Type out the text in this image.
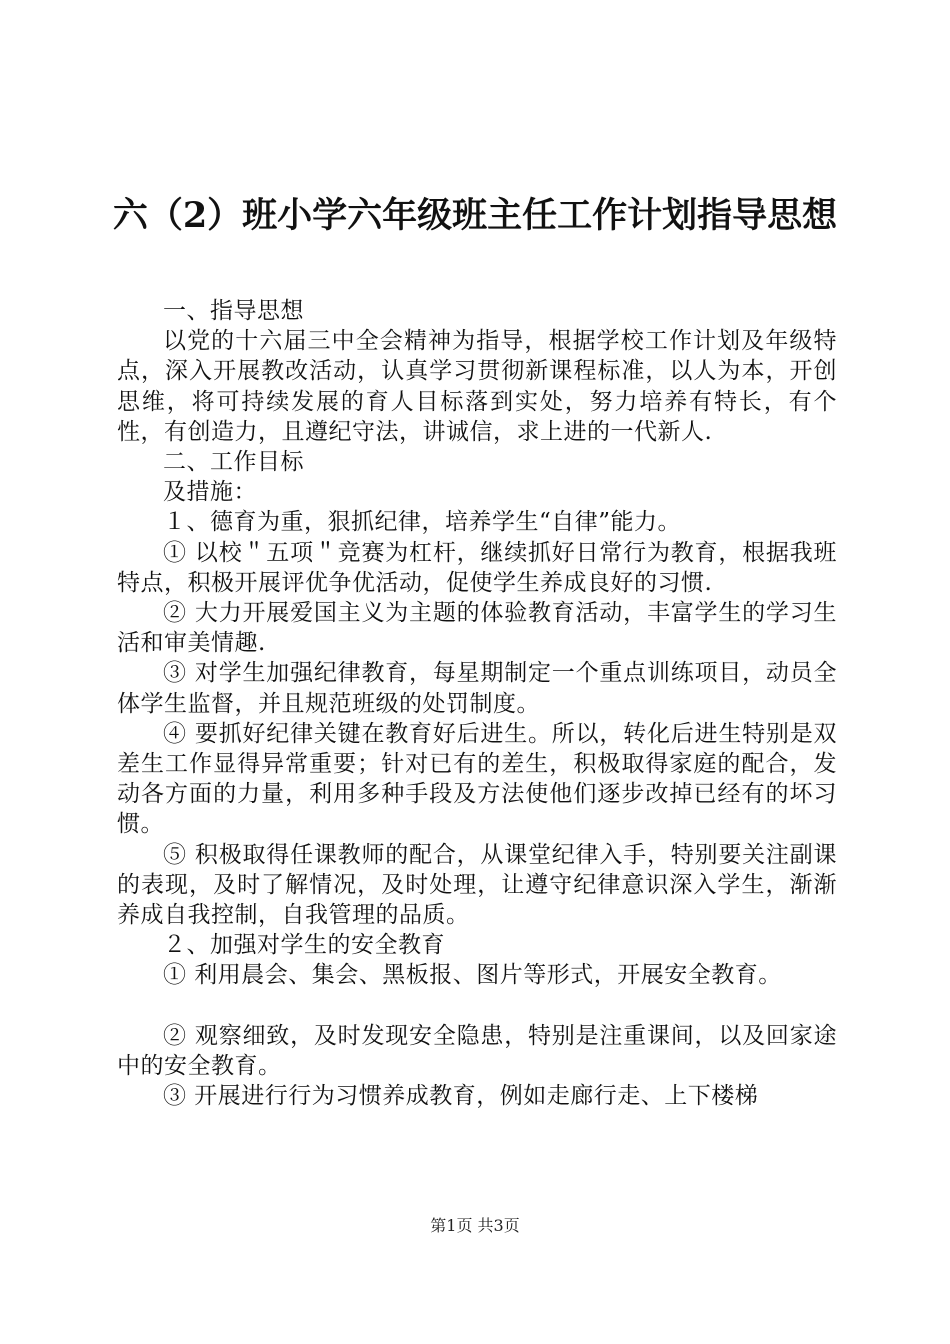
六（2）班小学六年级班主任工作计划指导思想

一、指导思想

以党的十六届三中全会精神为指导，根据学校工作计划及年级特点，深入开展教改活动，认真学习贯彻新课程标准，以人为本，开创思维，将可持续发展的育人目标落到实处，努力培养有特长，有个性，有创造力，且遵纪守法，讲诚信，求上进的一代新人.

二、工作目标

及措施：

１、德育为重，狠抓纪律，培养学生“自律”能力。

① 以校＂五项＂竞赛为杠杆，继续抓好日常行为教育，根据我班特点，积极开展评优争优活动，促使学生养成良好的习惯.

② 大力开展爱国主义为主题的体验教育活动，丰富学生的学习生活和审美情趣.

③ 对学生加强纪律教育，每星期制定一个重点训练项目，动员全体学生监督，并且规范班级的处罚制度。

④ 要抓好纪律关键在教育好后进生。所以，转化后进生特别是双差生工作显得异常重要；针对已有的差生，积极取得家庭的配合，发动各方面的力量，利用多种手段及方法使他们逐步改掉已经有的坏习惯。

⑤ 积极取得任课教师的配合，从课堂纪律入手，特别要关注副课的表现，及时了解情况，及时处理，让遵守纪律意识深入学生，渐渐养成自我控制，自我管理的品质。

２、加强对学生的安全教育

① 利用晨会、集会、黑板报、图片等形式，开展安全教育。

② 观察细致，及时发现安全隐患，特别是注重课间，以及回家途中的安全教育。

③ 开展进行行为习惯养成教育，例如走廊行走、上下楼梯

第1页 共3页
